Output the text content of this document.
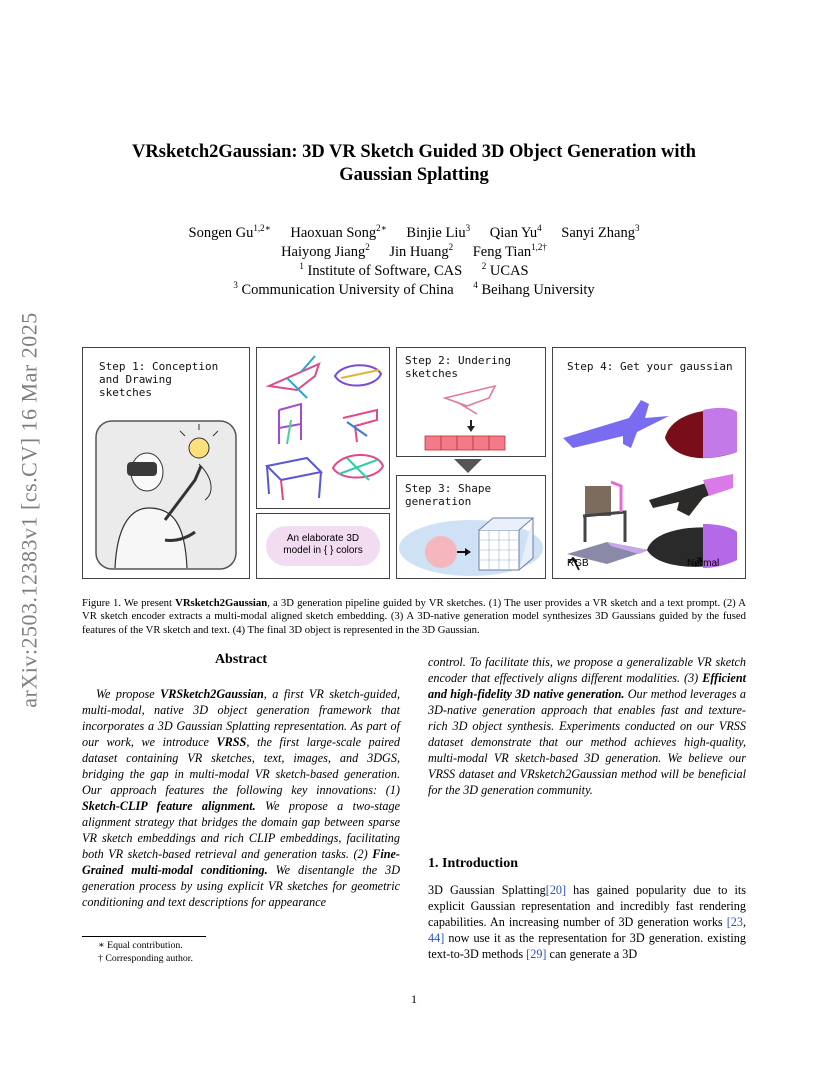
arXiv:2503.12383v1 [cs.CV] 16 Mar 2025
VRsketch2Gaussian: 3D VR Sketch Guided 3D Object Generation with
Gaussian Splatting
Songen $Gu^{1,2∗}$ Haoxuan Song$^{2∗}$ Binjie Liu$^3$ Qian Yu$^4$ Sanyi Zhang$^3$
Haiyong Jiang$^2$ Jin Huang$^2$ Feng Tian$^{1,2\dagger}$
$^1$ Institute of Software, CAS $^2$ UCAS
$^3$ Communication University of China $^4$ Beihang University
Step 1: Conception
and Drawing
sketches
An elaborate 3D
model in { } colors
Step 2: Undering
sketches
Step 3: Shape
generation
Step 4: Get your gaussian
RGB	Normal
Figure 1. We present VRsketch2Gaussian, a 3D generation pipeline guided by VR sketches. (1) The user provides a VR sketch and a text prompt. (2) A VR sketch encoder extracts a multi-modal aligned sketch embedding. (3) A 3D-native generation model synthesizes 3D Gaussians guided by the fused features of the VR sketch and text. (4) The final 3D object is represented in the 3D Gaussian.
Abstract
We propose VRSketch2Gaussian, a first VR sketch-guided, multi-modal, native 3D object generation framework that incorporates a 3D Gaussian Splatting representation. As part of our work, we introduce VRSS, the first large-scale paired dataset containing VR sketches, text, images, and 3DGS, bridging the gap in multi-modal VR sketch-based generation. Our approach features the following key innovations: (1) Sketch-CLIP feature alignment. We propose a two-stage alignment strategy that bridges the domain gap between sparse VR sketch embeddings and rich CLIP embeddings, facilitating both VR sketch-based retrieval and generation tasks. (2) Fine-Grained multi-modal conditioning. We disentangle the 3D generation process by using explicit VR sketches for geometric conditioning and text descriptions for appearance
control. To facilitate this, we propose a generalizable VR sketch encoder that effectively aligns different modalities. (3) Efficient and high-fidelity 3D native generation. Our method leverages a 3D-native generation approach that enables fast and texture-rich 3D object synthesis. Experiments conducted on our VRSS dataset demonstrate that our method achieves high-quality, multi-modal VR sketch-based 3D generation. We believe our VRSS dataset and VRsketch2Gaussian method will be beneficial for the 3D generation community.
1. Introduction
3D Gaussian Splatting[20] has gained popularity due to its explicit Gaussian representation and incredibly fast rendering capabilities. An increasing number of 3D generation works [23, 44] now use it as the representation for 3D generation. existing text-to-3D methods [29] can generate a 3D
∗ Equal contribution.
† Corresponding author.
1
